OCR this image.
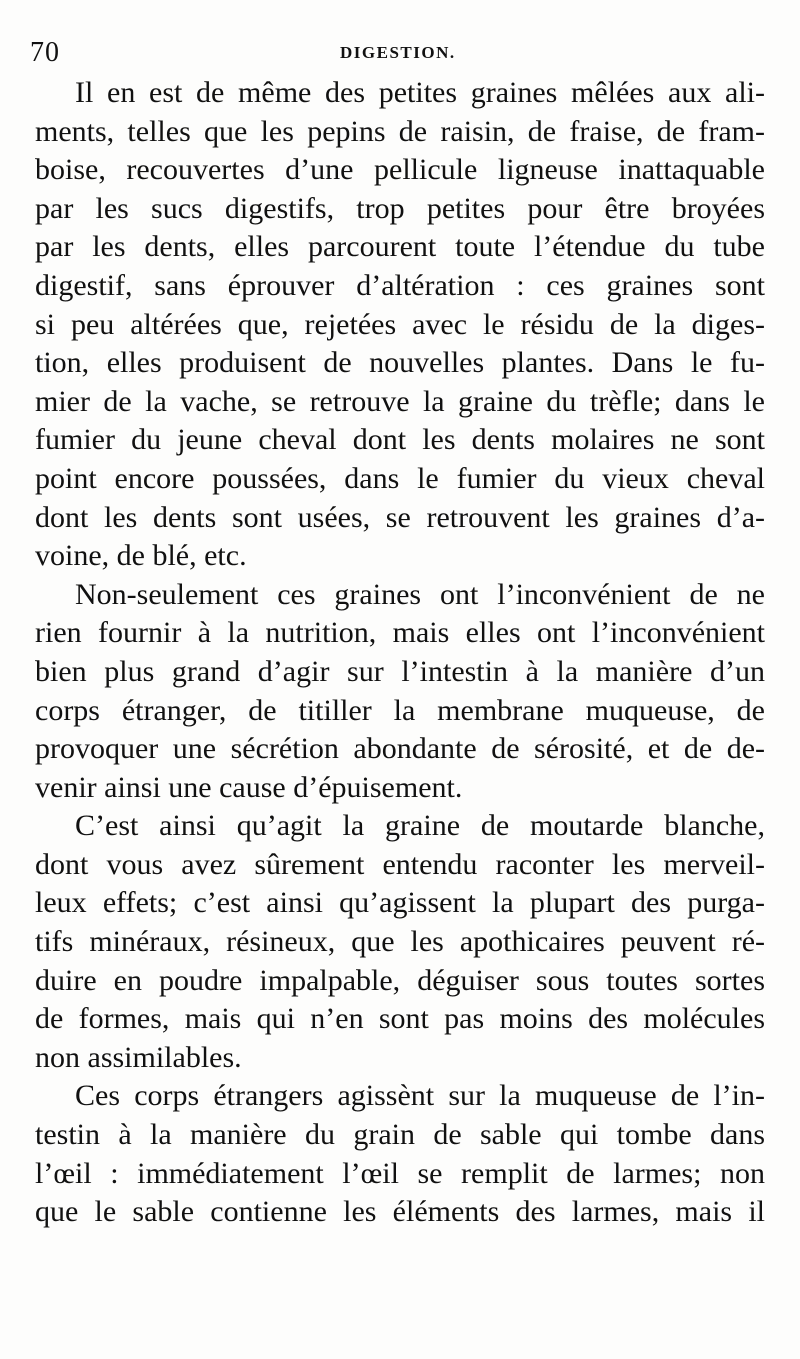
70	DIGESTION.
Il en est de même des petites graines mêlées aux ali-
ments, telles que les pepins de raisin, de fraise, de fram-
boise, recouvertes d’une pellicule ligneuse inattaquable
par les sucs digestifs, trop petites pour être broyées
par les dents, elles parcourent toute l’étendue du tube
digestif, sans éprouver d’altération : ces graines sont
si peu altérées que, rejetées avec le résidu de la diges-
tion, elles produisent de nouvelles plantes. Dans le fu-
mier de la vache, se retrouve la graine du trèfle; dans le
fumier du jeune cheval dont les dents molaires ne sont
point encore poussées, dans le fumier du vieux cheval
dont les dents sont usées, se retrouvent les graines d’a-
voine, de blé, etc.
Non-seulement ces graines ont l’inconvénient de ne
rien fournir à la nutrition, mais elles ont l’inconvénient
bien plus grand d’agir sur l’intestin à la manière d’un
corps étranger, de titiller la membrane muqueuse, de
provoquer une sécrétion abondante de sérosité, et de de-
venir ainsi une cause d’épuisement.
C’est ainsi qu’agit la graine de moutarde blanche,
dont vous avez sûrement entendu raconter les merveil-
leux effets; c’est ainsi qu’agissent la plupart des purga-
tifs minéraux, résineux, que les apothicaires peuvent ré-
duire en poudre impalpable, déguiser sous toutes sortes
de formes, mais qui n’en sont pas moins des molécules
non assimilables.
Ces corps étrangers agissènt sur la muqueuse de l’in-
testin à la manière du grain de sable qui tombe dans
l’œil : immédiatement l’œil se remplit de larmes; non
que le sable contienne les éléments des larmes, mais il
